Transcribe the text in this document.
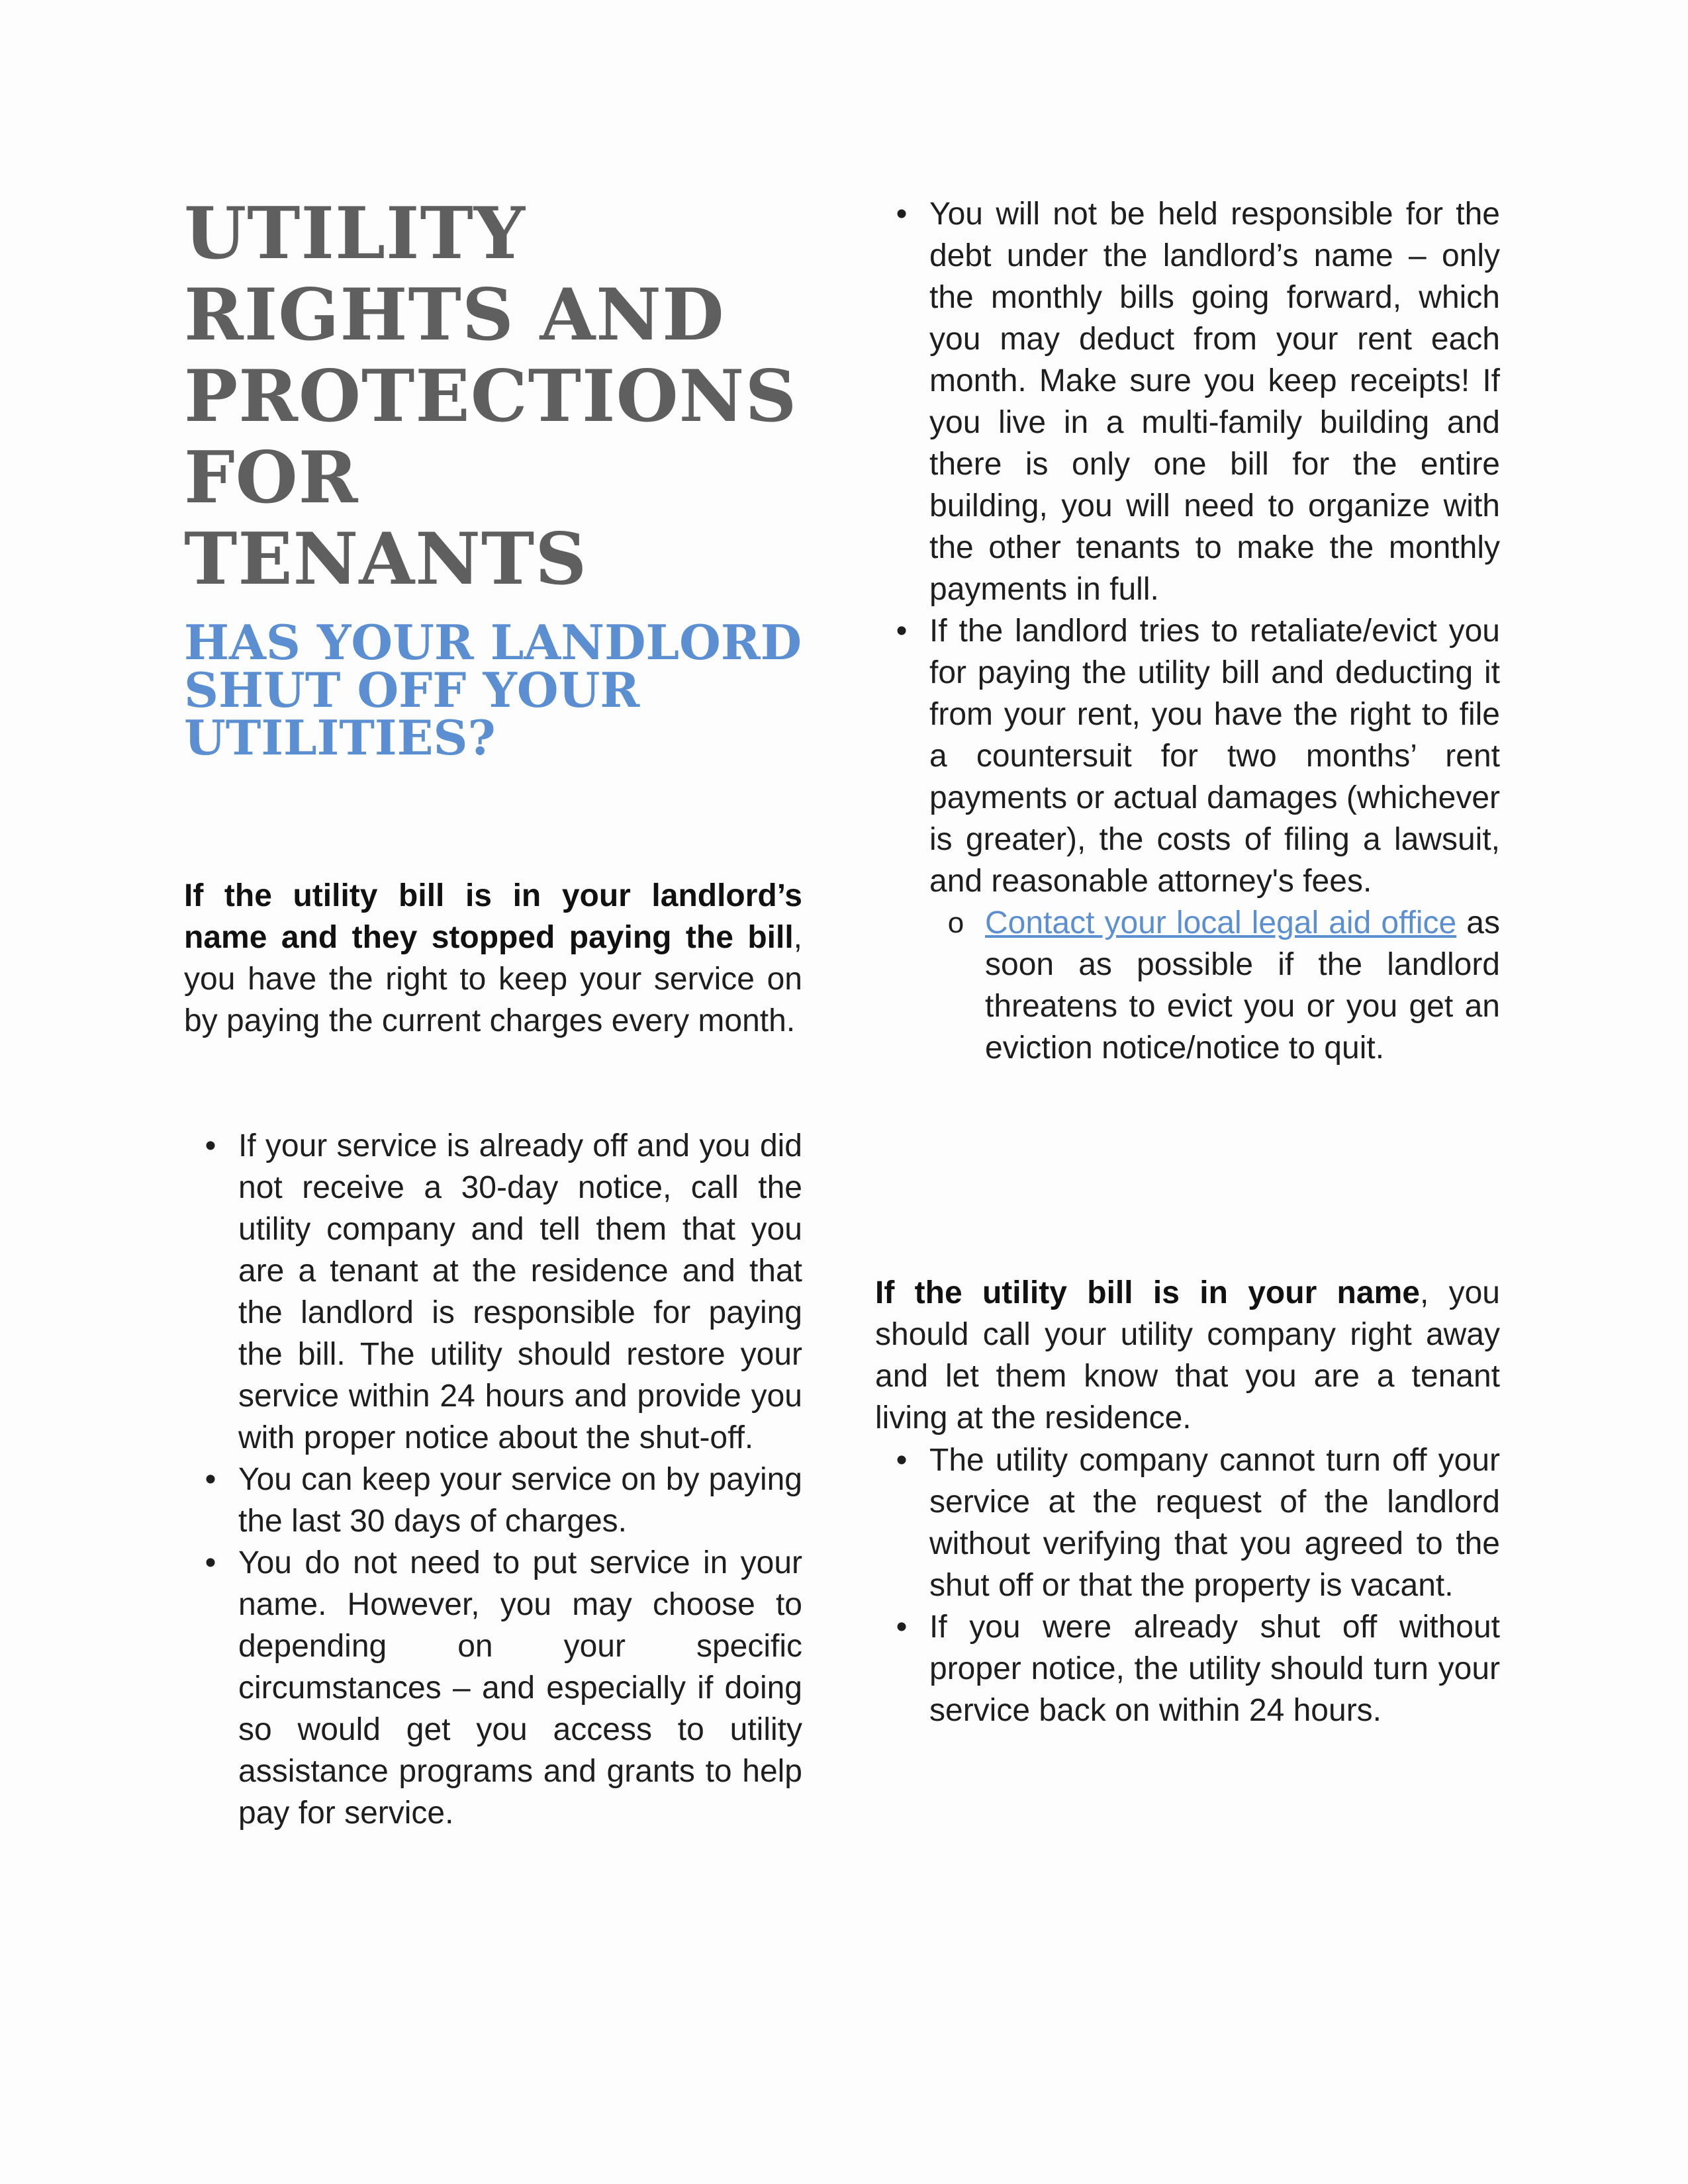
UTILITY RIGHTS AND PROTECTIONS FOR TENANTS
HAS YOUR LANDLORD SHUT OFF YOUR UTILITIES?

If the utility bill is in your landlord’s name and they stopped paying the bill, you have the right to keep your service on by paying the current charges every month.

• If your service is already off and you did not receive a 30-day notice, call the utility company and tell them that you are a tenant at the residence and that the landlord is responsible for paying the bill. The utility should restore your service within 24 hours and provide you with proper notice about the shut-off.
• You can keep your service on by paying the last 30 days of charges.
• You do not need to put service in your name. However, you may choose to depending on your specific circumstances – and especially if doing so would get you access to utility assistance programs and grants to help pay for service.
• You will not be held responsible for the debt under the landlord’s name – only the monthly bills going forward, which you may deduct from your rent each month. Make sure you keep receipts! If you live in a multi-family building and there is only one bill for the entire building, you will need to organize with the other tenants to make the monthly payments in full.
• If the landlord tries to retaliate/evict you for paying the utility bill and deducting it from your rent, you have the right to file a countersuit for two months’ rent payments or actual damages (whichever is greater), the costs of filing a lawsuit, and reasonable attorney's fees.
o Contact your local legal aid office as soon as possible if the landlord threatens to evict you or you get an eviction notice/notice to quit.

If the utility bill is in your name, you should call your utility company right away and let them know that you are a tenant living at the residence.

• The utility company cannot turn off your service at the request of the landlord without verifying that you agreed to the shut off or that the property is vacant.
• If you were already shut off without proper notice, the utility should turn your service back on within 24 hours.
